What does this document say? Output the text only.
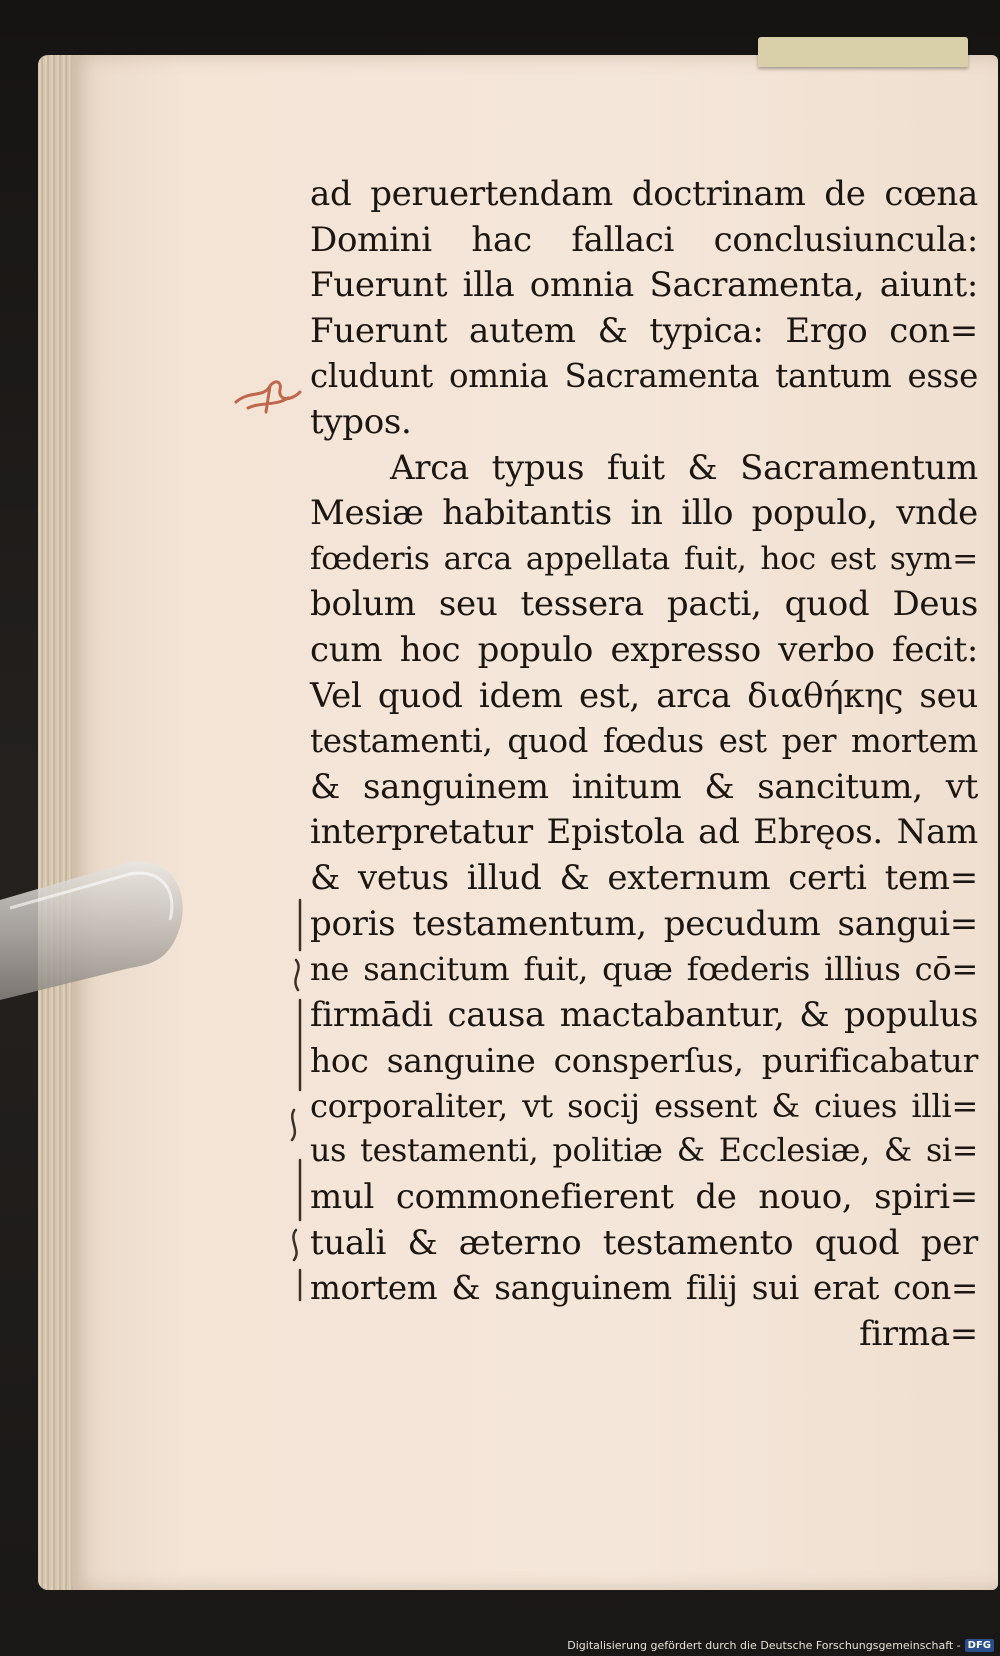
ad peruertendam doctrinam de cœna
Domini hac fallaci conclusiuncula:
Fuerunt illa omnia Sacramenta, aiunt:
Fuerunt autem & typica: Ergo con=
cludunt omnia Sacramenta tantum esse
typos.
Arca typus fuit & Sacramentum
Mesiæ habitantis in illo populo, vnde
fœderis arca appellata fuit, hoc est sym=
bolum seu tessera pacti, quod Deus
cum hoc populo expresso verbo fecit:
Vel quod idem est, arca διαθήκης seu
testamenti, quod fœdus est per mortem
& sanguinem initum & sancitum, vt
interpretatur Epistola ad Ebręos. Nam
& vetus illud & externum certi tem=
poris testamentum, pecudum sangui=
ne sancitum fuit, quæ fœderis illius cō=
firmādi causa mactabantur, & populus
hoc sanguine consperſus, purificabatur
corporaliter, vt socij essent & ciues illi=
us testamenti, politiæ & Ecclesiæ, & si=
mul commonefierent de nouo, spiri=
tuali & æterno testamento quod per
mortem & sanguinem filij sui erat con=
firma=
Digitalisierung gefördert durch die Deutsche Forschungsgemeinschaft - DFG
